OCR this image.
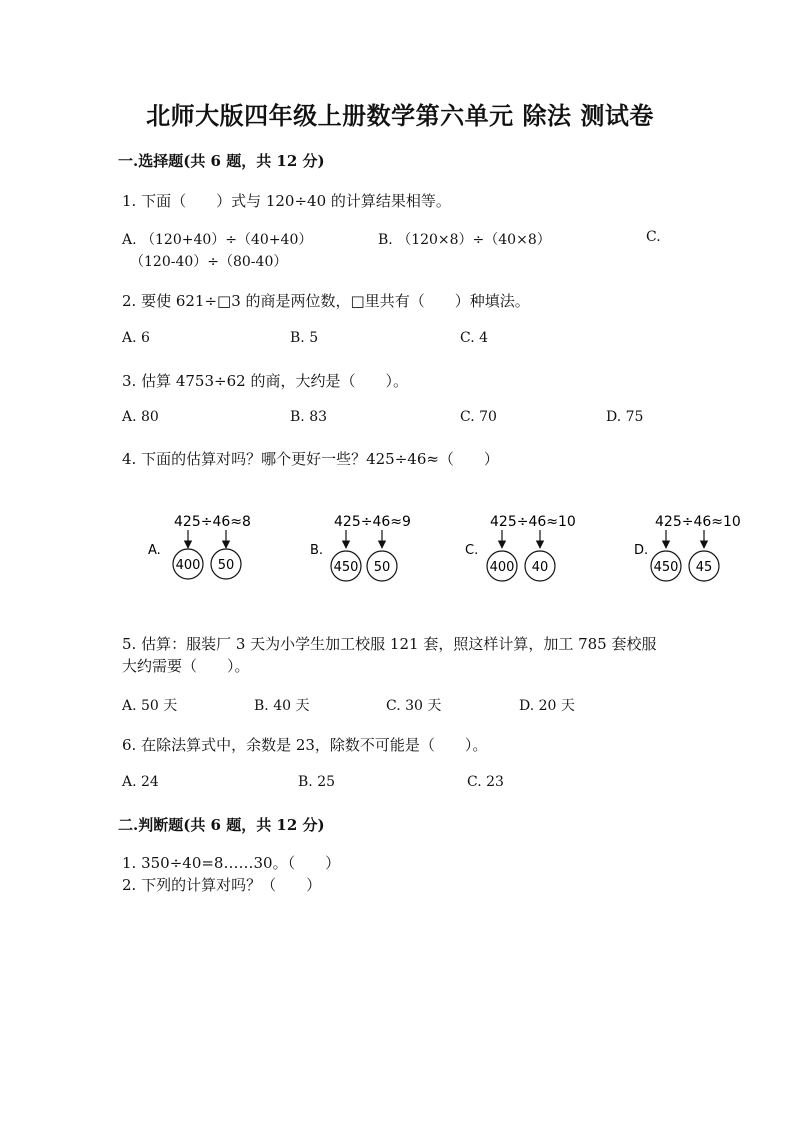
北师大版四年级上册数学第六单元 除法 测试卷
一.选择题(共 6 题，共 12 分)
1. 下面（　　）式与 120÷40 的计算结果相等。
A. （120+40）÷（40+40）	B. （120×8）÷（40×8）	C.
（120-40）÷（80-40）
2. 要使 621÷□3 的商是两位数，□里共有（　　）种填法。
A. 6	B. 5	C. 4
3. 估算 4753÷62 的商，大约是（　　）。
A. 80	B. 83	C. 70	D. 75
4. 下面的估算对吗？哪个更好一些？425÷46≈（　　）
A.
425÷46≈8
400 50
B.
425÷46≈9
450 50
C.
425÷46≈10
400 40
D.
425÷46≈10
450 45
5. 估算：服装厂 3 天为小学生加工校服 121 套，照这样计算，加工 785 套校服
大约需要（　　）。
A. 50 天	B. 40 天	C. 30 天	D. 20 天
6. 在除法算式中，余数是 23，除数不可能是（　　）。
A. 24	B. 25	C. 23
二.判断题(共 6 题，共 12 分)
1. 350÷40=8……30。（　　）
2. 下列的计算对吗？（　　）
